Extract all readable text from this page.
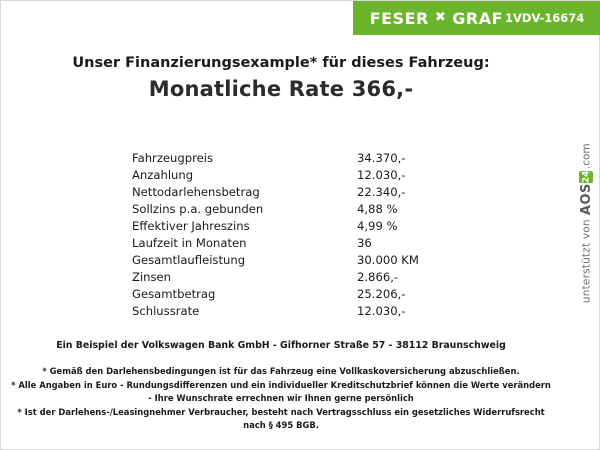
FESER ✖ GRAF 1VDV-16674
Unser Finanzierungsexample* für dieses Fahrzeug:
Monatliche Rate 366,-
Fahrzeugpreis	34.370,-
Anzahlung	12.030,-
Nettodarlehensbetrag	22.340,-
Sollzins p.a. gebunden	4,88 %
Effektiver Jahreszins	4,99 %
Laufzeit in Monaten	36
Gesamtlaufleistung	30.000 KM
Zinsen	2.866,-
Gesamtbetrag	25.206,-
Schlussrate	12.030,-
Ein Beispiel der Volkswagen Bank GmbH - Gifhorner Straße 57 - 38112 Braunschweig
* Gemäß den Darlehensbedingungen ist für das Fahrzeug eine Vollkaskoversicherung abzuschließen.
* Alle Angaben in Euro - Rundungsdifferenzen und ein individueller Kreditschutzbrief können die Werte verändern
- Ihre Wunschrate errechnen wir Ihnen gerne persönlich
* Ist der Darlehens-/Leasingnehmer Verbraucher, besteht nach Vertragsschluss ein gesetzliches Widerrufsrecht
nach § 495 BGB.
unterstützt von
AOS
24
.com
